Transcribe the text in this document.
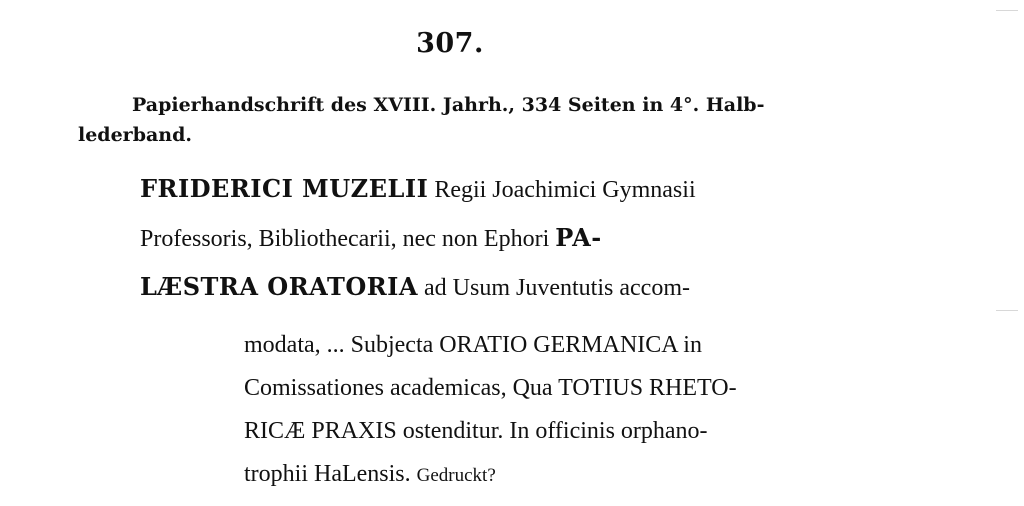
307.
Papierhandschrift des XVIII. Jahrh., 334 Seiten in 4°. Halb-
lederband.
FRIDERICI MUZELII Regii Joachimici Gymnasii
Professoris, Bibliothecarii, nec non Ephori PA-
LÆSTRA ORATORIA ad Usum Juventutis accom-
modata, ... Subjecta ORATIO GERMANICA in
Comissationes academicas, Qua TOTIUS RHETO-
RICÆ PRAXIS ostenditur. In officinis orphano-
trophii HaLensis. Gedruckt?
